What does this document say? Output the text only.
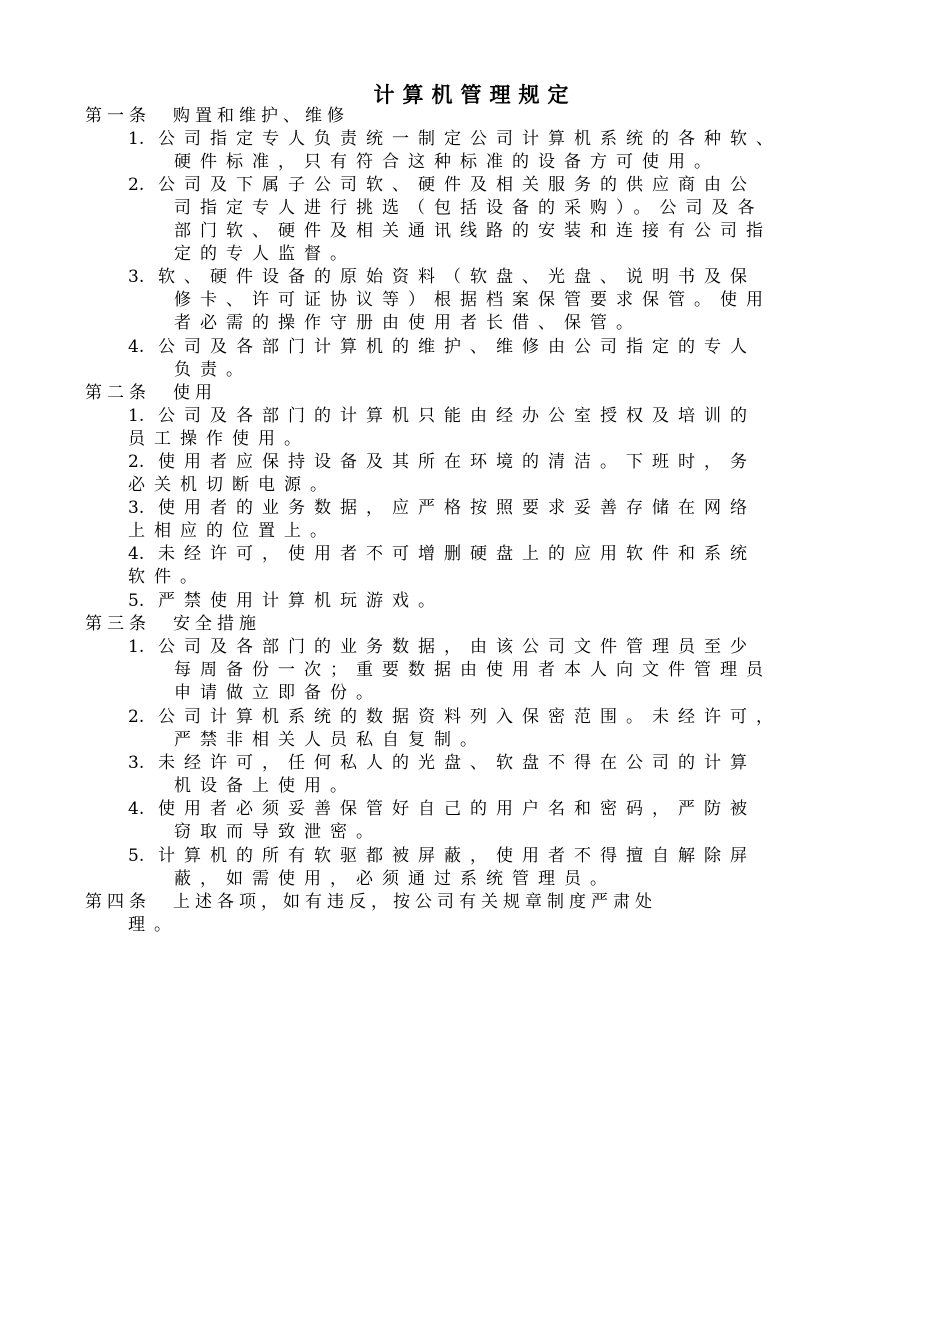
计算机管理规定
第一条　购置和维护、维修
1. 公司指定专人负责统一制定公司计算机系统的各种软、
硬件标准，只有符合这种标准的设备方可使用。
2. 公司及下属子公司软、硬件及相关服务的供应商由公
司指定专人进行挑选（包括设备的采购）。公司及各
部门软、硬件及相关通讯线路的安装和连接有公司指
定的专人监督。
3. 软、硬件设备的原始资料（软盘、光盘、说明书及保
修卡、许可证协议等）根据档案保管要求保管。使用
者必需的操作守册由使用者长借、保管。
4. 公司及各部门计算机的维护、维修由公司指定的专人
负责。
第二条　使用
1. 公司及各部门的计算机只能由经办公室授权及培训的
员工操作使用。
2. 使用者应保持设备及其所在环境的清洁。下班时，务
必关机切断电源。
3. 使用者的业务数据，应严格按照要求妥善存储在网络
上相应的位置上。
4. 未经许可，使用者不可增删硬盘上的应用软件和系统
软件。
5. 严禁使用计算机玩游戏。
第三条　安全措施
1. 公司及各部门的业务数据，由该公司文件管理员至少
每周备份一次；重要数据由使用者本人向文件管理员
申请做立即备份。
2. 公司计算机系统的数据资料列入保密范围。未经许可，
严禁非相关人员私自复制。
3. 未经许可，任何私人的光盘、软盘不得在公司的计算
机设备上使用。
4. 使用者必须妥善保管好自己的用户名和密码，严防被
窃取而导致泄密。
5. 计算机的所有软驱都被屏蔽，使用者不得擅自解除屏
蔽，如需使用，必须通过系统管理员。
第四条　上述各项，如有违反，按公司有关规章制度严肃处
理。
